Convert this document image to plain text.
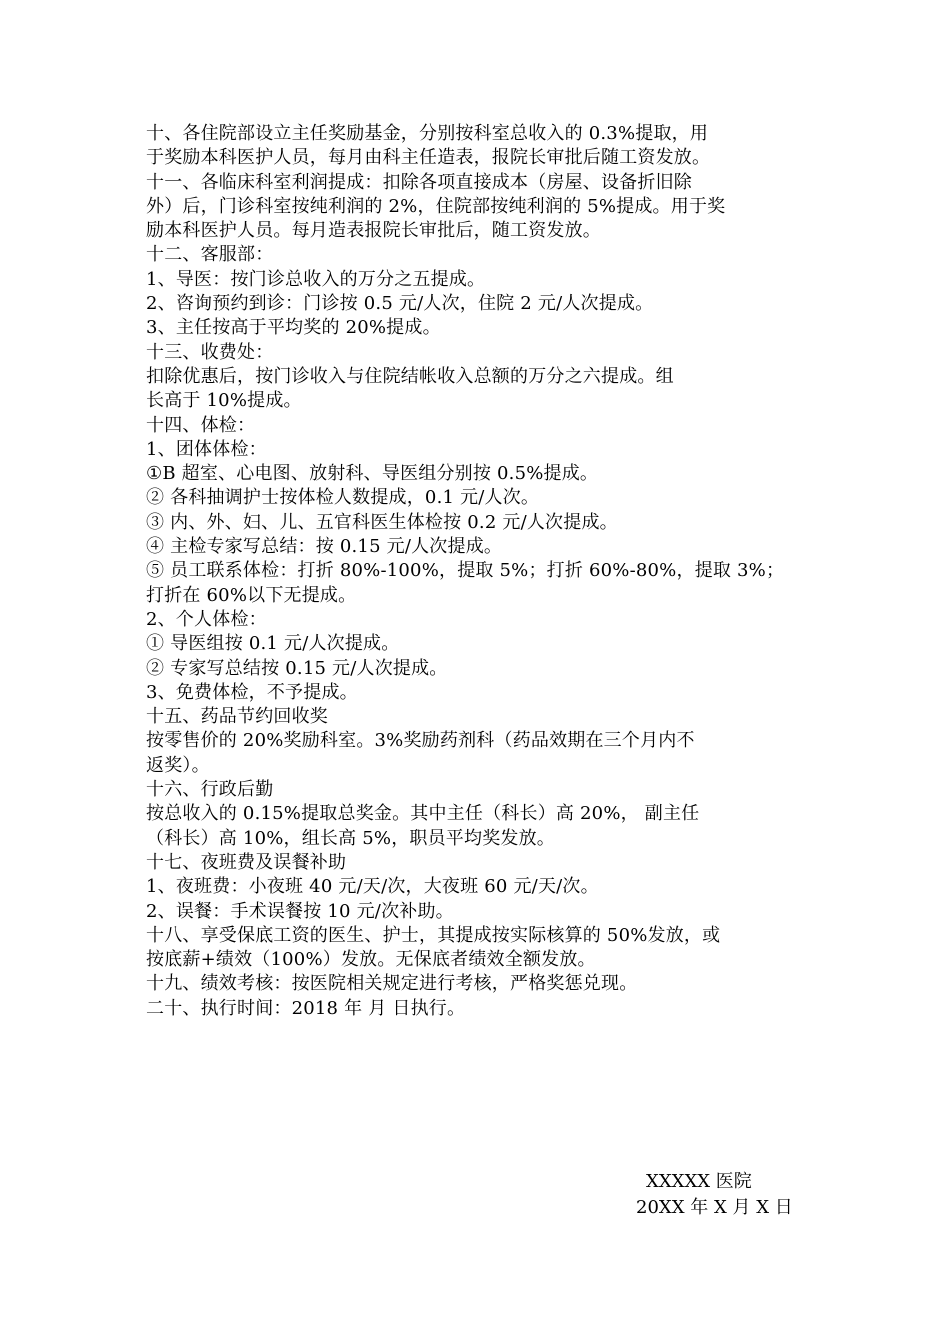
十、各住院部设立主任奖励基金，分别按科室总收入的 0.3%提取，用
于奖励本科医护人员，每月由科主任造表，报院长审批后随工资发放。
十一、各临床科室利润提成：扣除各项直接成本（房屋、设备折旧除
外）后，门诊科室按纯利润的 2%，住院部按纯利润的 5%提成。用于奖
励本科医护人员。每月造表报院长审批后，随工资发放。
十二、客服部：
1、导医：按门诊总收入的万分之五提成。
2、咨询预约到诊：门诊按 0.5 元/人次，住院 2 元/人次提成。
3、主任按高于平均奖的 20%提成。
十三、收费处：
扣除优惠后，按门诊收入与住院结帐收入总额的万分之六提成。组
长高于 10%提成。
十四、体检：
1、团体体检：
①B 超室、心电图、放射科、导医组分别按 0.5%提成。
② 各科抽调护士按体检人数提成，0.1 元/人次。
③ 内、外、妇、儿、五官科医生体检按 0.2 元/人次提成。
④ 主检专家写总结：按 0.15 元/人次提成。
⑤ 员工联系体检：打折 80%-100%，提取 5%；打折 60%-80%，提取 3%；
打折在 60%以下无提成。
2、个人体检：
① 导医组按 0.1 元/人次提成。
② 专家写总结按 0.15 元/人次提成。
3、免费体检，不予提成。
十五、药品节约回收奖
按零售价的 20%奖励科室。3%奖励药剂科（药品效期在三个月内不
返奖）。
十六、行政后勤
按总收入的 0.15%提取总奖金。其中主任（科长）高 20%， 副主任
（科长）高 10%，组长高 5%，职员平均奖发放。
十七、夜班费及误餐补助
1、夜班费：小夜班 40 元/天/次，大夜班 60 元/天/次。
2、误餐：手术误餐按 10 元/次补助。
十八、享受保底工资的医生、护士，其提成按实际核算的 50%发放，或
按底薪+绩效（100%）发放。无保底者绩效全额发放。
十九、绩效考核：按医院相关规定进行考核，严格奖惩兑现。
二十、执行时间：2018 年 月 日执行。
XXXXX 医院
20XX 年 X 月 X 日
